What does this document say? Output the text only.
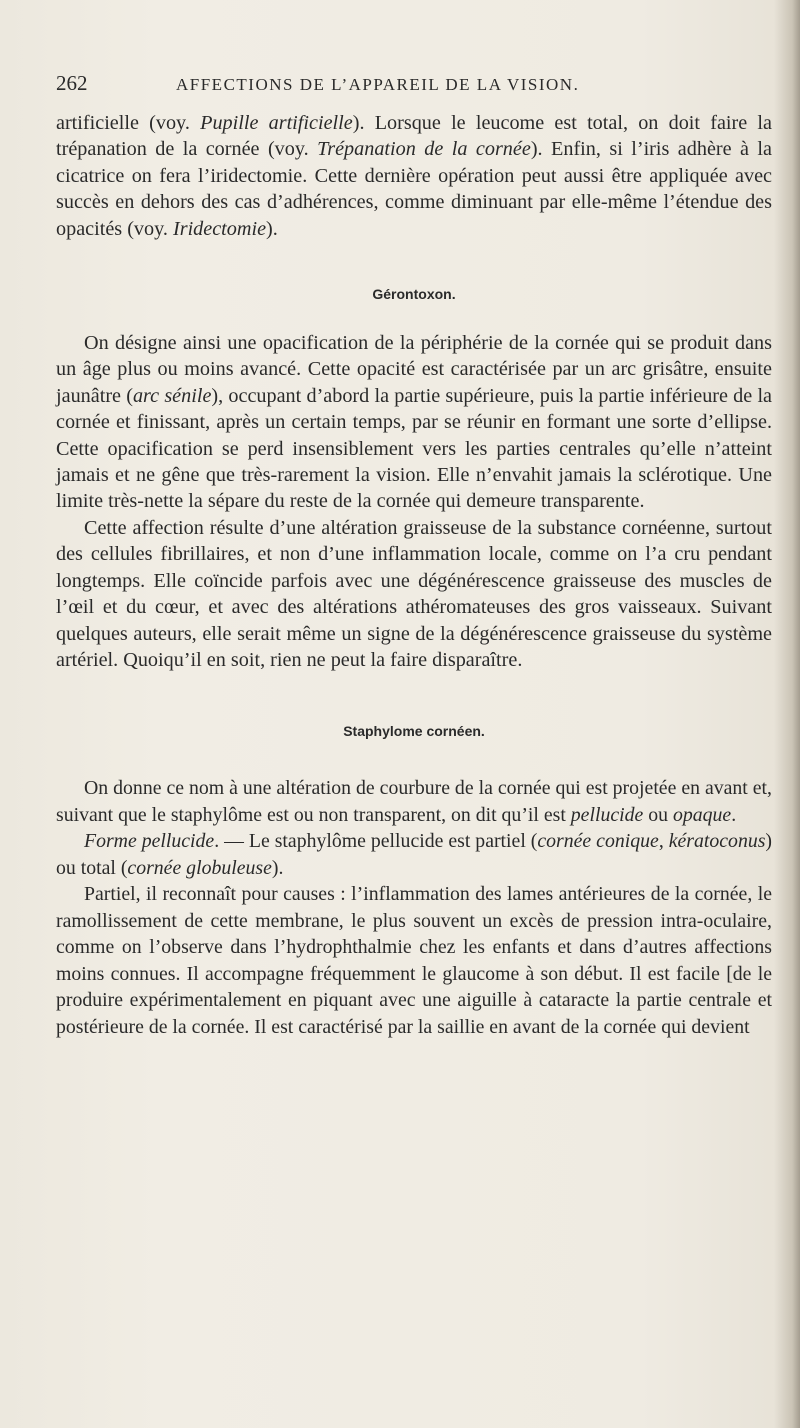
262	AFFECTIONS DE L’APPAREIL DE LA VISION.

artificielle (voy. Pupille artificielle). Lorsque le leucome est total, on doit faire la trépanation de la cornée (voy. Trépanation de la cornée). Enfin, si l’iris adhère à la cicatrice on fera l’iridectomie. Cette dernière opération peut aussi être appliquée avec succès en dehors des cas d’adhérences, comme diminuant par elle-même l’étendue des opacités (voy. Iridectomie).

Gérontoxon.

On désigne ainsi une opacification de la périphérie de la cornée qui se produit dans un âge plus ou moins avancé. Cette opacité est caractérisée par un arc grisâtre, ensuite jaunâtre (arc sénile), occupant d’abord la partie supérieure, puis la partie inférieure de la cornée et finissant, après un certain temps, par se réunir en formant une sorte d’ellipse. Cette opacification se perd insensiblement vers les parties centrales qu’elle n’atteint jamais et ne gêne que très-rarement la vision. Elle n’envahit jamais la sclérotique. Une limite très-nette la sépare du reste de la cornée qui demeure transparente.

Cette affection résulte d’une altération graisseuse de la substance cornéenne, surtout des cellules fibrillaires, et non d’une inflammation locale, comme on l’a cru pendant longtemps. Elle coïncide parfois avec une dégénérescence graisseuse des muscles de l’œil et du cœur, et avec des altérations athéromateuses des gros vaisseaux. Suivant quelques auteurs, elle serait même un signe de la dégénérescence graisseuse du système artériel. Quoiqu’il en soit, rien ne peut la faire disparaître.

Staphylome cornéen.

On donne ce nom à une altération de courbure de la cornée qui est projetée en avant et, suivant que le staphylôme est ou non transparent, on dit qu’il est pellucide ou opaque.

Forme pellucide. — Le staphylôme pellucide est partiel (cornée conique, kératoconus) ou total (cornée globuleuse).

Partiel, il reconnaît pour causes : l’inflammation des lames antérieures de la cornée, le ramollissement de cette membrane, le plus souvent un excès de pression intra-oculaire, comme on l’observe dans l’hydrophthalmie chez les enfants et dans d’autres affections moins connues. Il accompagne fréquemment le glaucome à son début. Il est facile [de le produire expérimentalement en piquant avec une aiguille à cataracte la partie centrale et postérieure de la cornée. Il est caractérisé par la saillie en avant de la cornée qui devient
